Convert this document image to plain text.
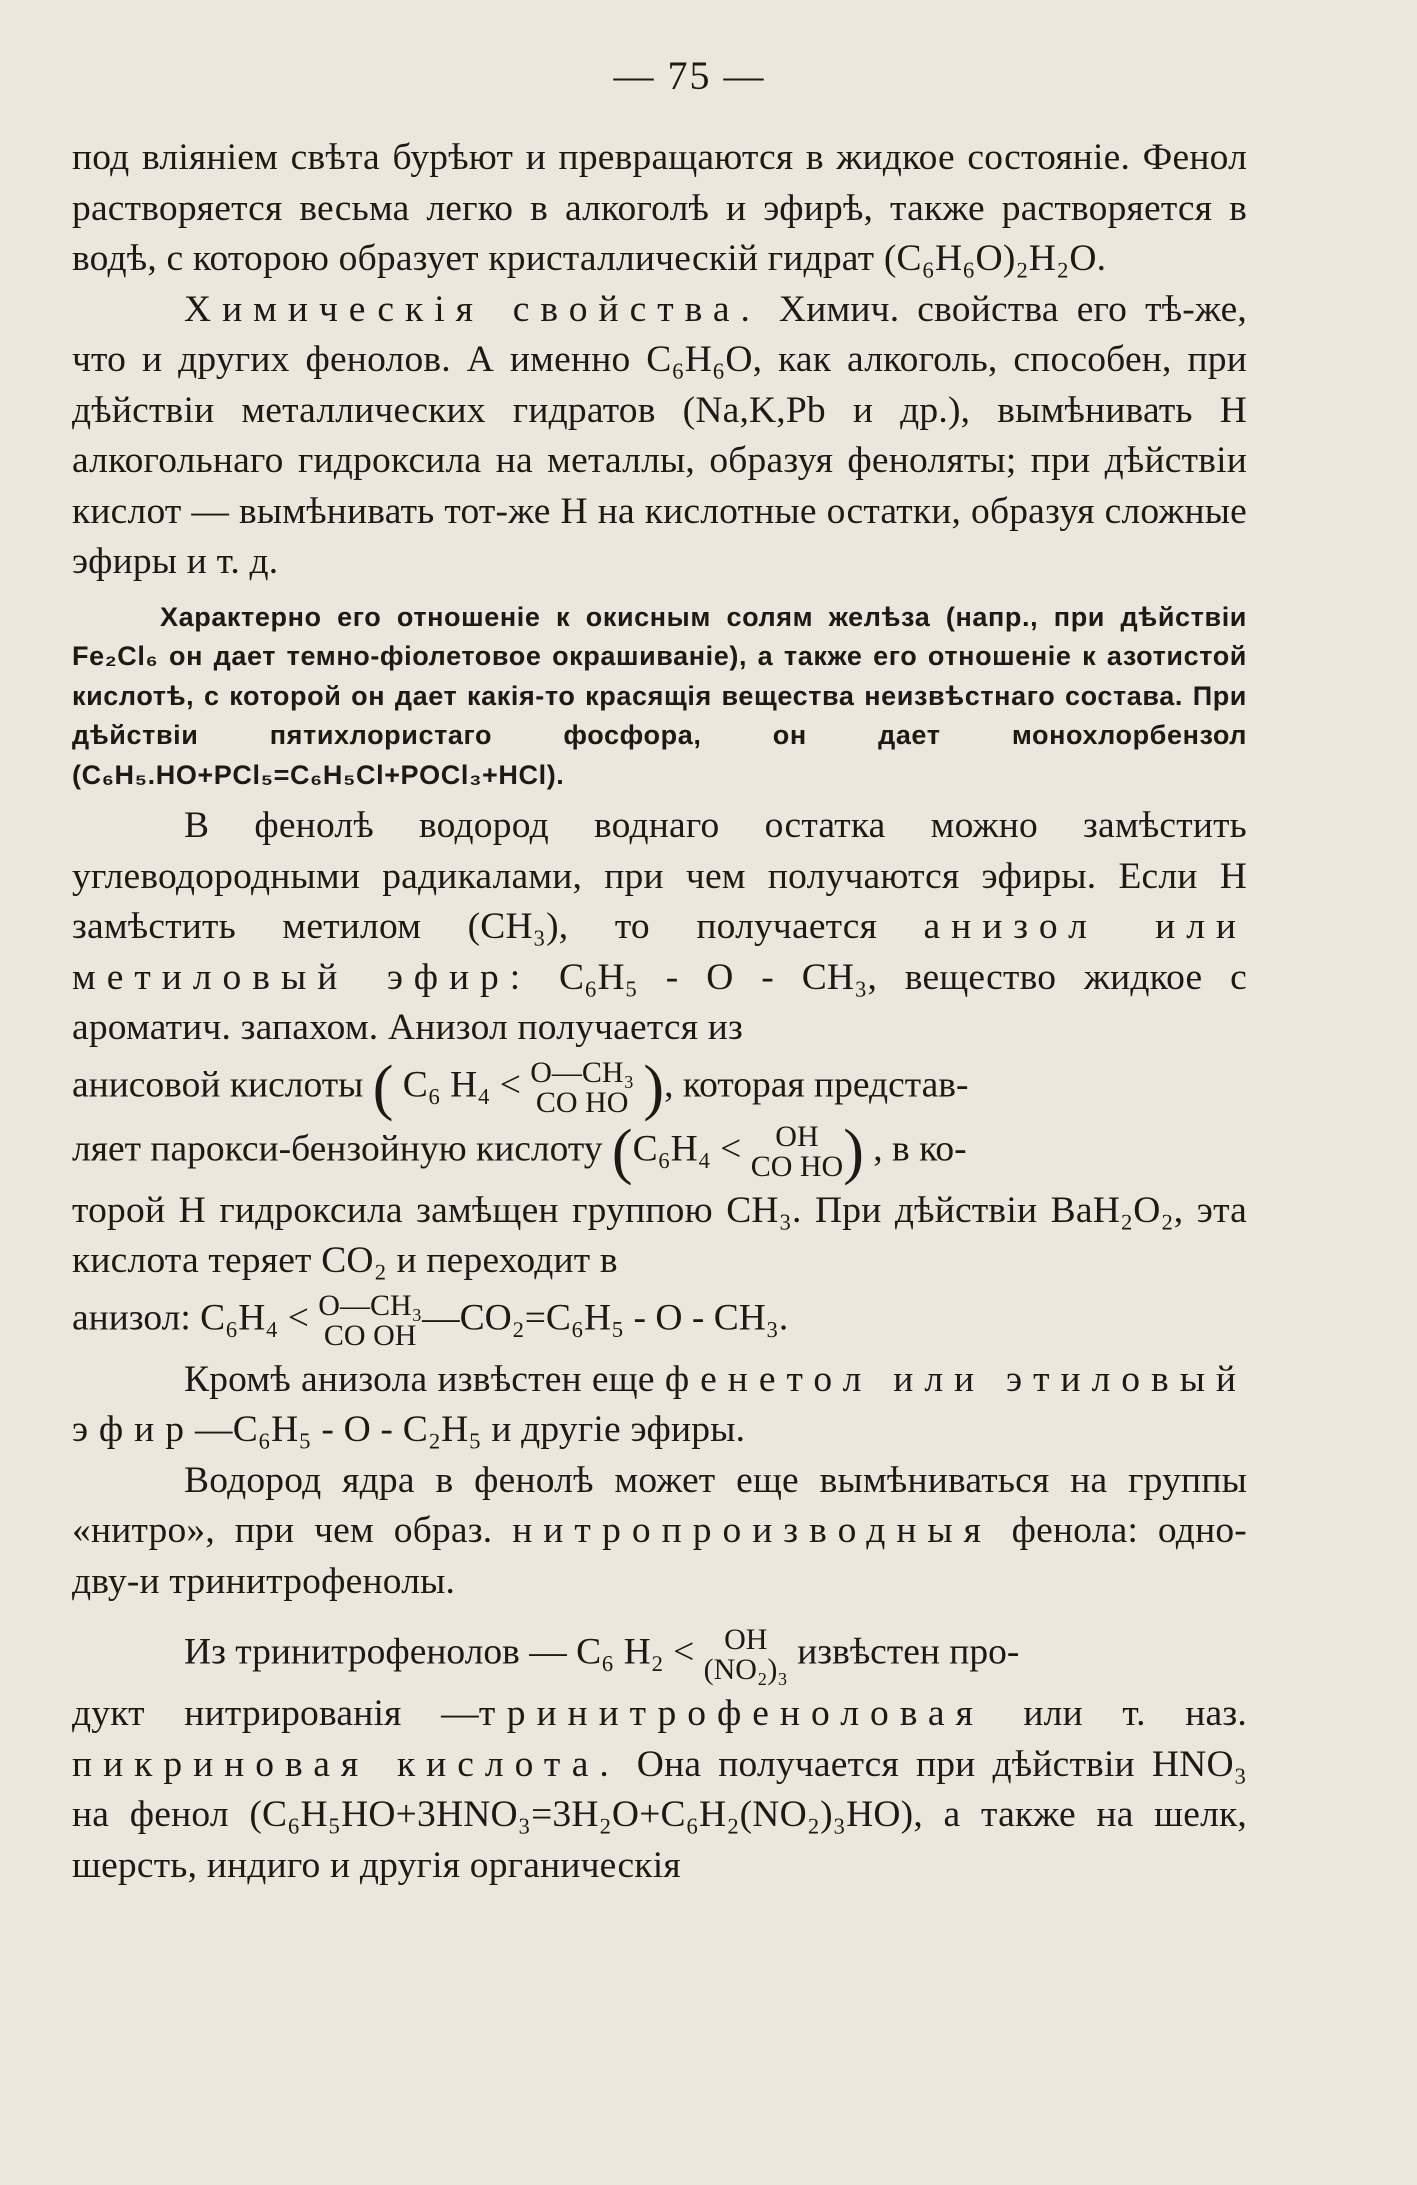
— 75 —

под вліяніем свѣта бурѣют и превращаются в жидкое состояніе. Фенол растворяется весьма легко в алкоголѣ и эфирѣ, также растворяется в водѣ, с которою образует кристаллическій гидрат (C₆H₆O)₂H₂O.

Химическія свойства. Химич. свойства его тѣ-же, что и других фенолов. А именно C₆H₆O, как алкоголь, способен, при дѣйствіи металлических гидратов (Na,K,Pb и др.), вымѣнивать H алкогольнаго гидроксила на металлы, образуя феноляты; при дѣйствіи кислот — вымѣнивать тот-же H на кислотные остатки, образуя сложные эфиры и т. д.

Характерно его отношеніе к окисным солям желѣза (напр., при дѣйствіи Fe₂Cl₆ он дает темно-фіолетовое окрашиваніе), а также его отношеніе к азотистой кислотѣ, с которой он дает какія-то красящія вещества неизвѣстнаго состава. При дѣйствіи пятихлористаго фосфора, он дает монохлорбензол (C₆H₅.HO+PCl₅=C₆H₅Cl+POCl₃+HCl).

В фенолѣ водород воднаго остатка можно замѣстить углеводородными радикалами, при чем получаются эфиры. Если H замѣстить метилом (CH₃), то получается анизол или метиловый эфир: C₆H₅ - O - CH₃, вещество жидкое с ароматич. запахом. Анизол получается из

анисовой кислоты ( C₆ H₄ < O—CH₃
CO HO ), которая представ-
ляет парокси-бензойную кислоту (C₆H₄ <	OH
CO HO ) , в ко-

торой H гидроксила замѣщен группою CH₃. При дѣйствіи BaH₂O₂, эта кислота теряет CO₂ и переходит в

анизол: C₆H₄ < O—CH₃
CO OH —CO₂=C₆H₅ - O - CH₃.

Кромѣ анизола извѣстен еще фенетол или этиловый эфир—C₆H₅ - O - C₂H₅ и другіе эфиры.

Водород ядра в фенолѣ может еще вымѣниваться на группы «нитро», при чем образ. нитропроизводныя фенола: одно-дву-и тринитрофенолы.

Из тринитрофенолов — C₆ H₂ < OH
(NO₂)₃ извѣстен про-

дукт нитрированія —тринитрофеноловая или т. наз. пикриновая кислота. Она получается при дѣйствіи HNO₃ на фенол (C₆H₅HO+3HNO₃=3H₂O+C₆H₂(NO₂)₃HO), а также на шелк, шерсть, индиго и другія органическія
